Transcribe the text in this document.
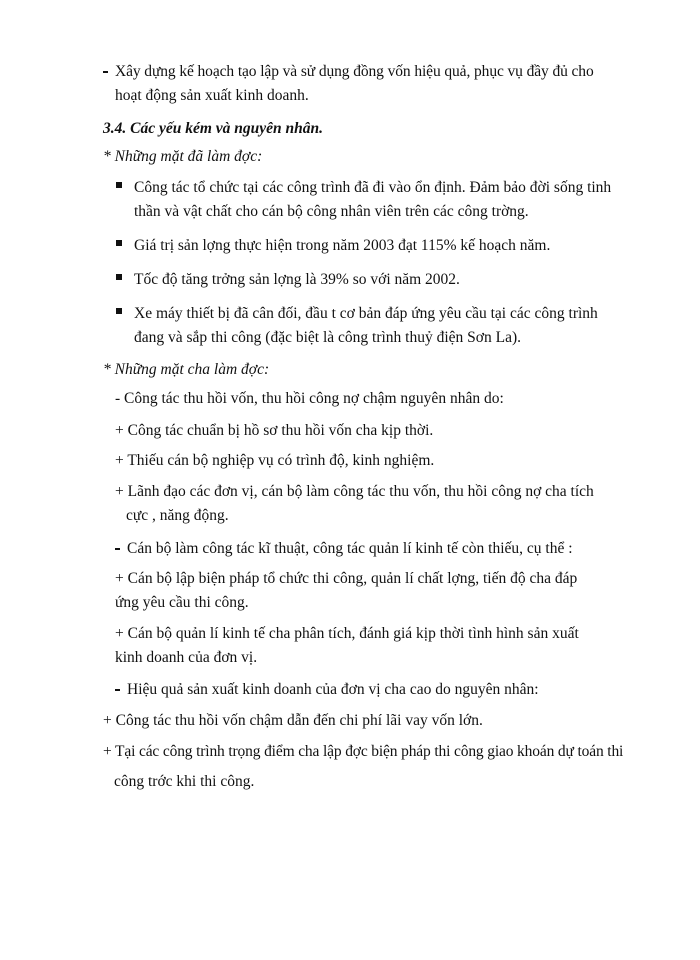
Xây dựng kế hoạch tạo lập và sử dụng đồng vốn hiệu quả, phục vụ đầy đủ cho
hoạt động sản xuất kinh doanh.
3.4. Các yếu kém và nguyên nhân.
* Những mặt đã làm đợc:
Công tác tổ chức tại các công trình đã đi vào ổn định. Đảm bảo đời sống tinh
thần và vật chất cho cán bộ công nhân viên trên các công trờng.
Giá trị sản lợng thực hiện trong năm 2003 đạt 115% kế hoạch năm.
Tốc độ tăng trởng sản lợng là 39% so với năm 2002.
Xe máy thiết bị đã cân đối, đầu t cơ bản đáp ứng yêu cầu tại các công trình
đang và sắp thi công (đặc biệt là công trình thuỷ điện Sơn La).
* Những mặt cha làm đợc:
- Công tác thu hồi vốn, thu hồi công nợ chậm nguyên nhân do:
+ Công tác chuẩn bị hồ sơ thu hồi vốn cha kịp thời.
+ Thiếu cán bộ nghiệp vụ có trình độ, kinh nghiệm.
+ Lãnh đạo các đơn vị, cán bộ làm công tác thu vốn, thu hồi công nợ cha tích
cực , năng động.
Cán bộ làm công tác kĩ thuật, công tác quản lí kinh tế còn thiếu, cụ thể :
+ Cán bộ lập biện pháp tổ chức thi công, quản lí chất lợng, tiến độ cha đáp
ứng yêu cầu thi công.
+ Cán bộ quản lí kinh tế cha phân tích, đánh giá kịp thời tình hình sản xuất
kinh doanh của đơn vị.
Hiệu quả sản xuất kinh doanh của đơn vị cha cao do nguyên nhân:
+ Công tác thu hồi vốn chậm dẫn đến chi phí lãi vay vốn lớn.
+ Tại các công trình trọng điểm cha lập đợc biện pháp thi công giao khoán dự toán thi
công trớc khi thi công.
